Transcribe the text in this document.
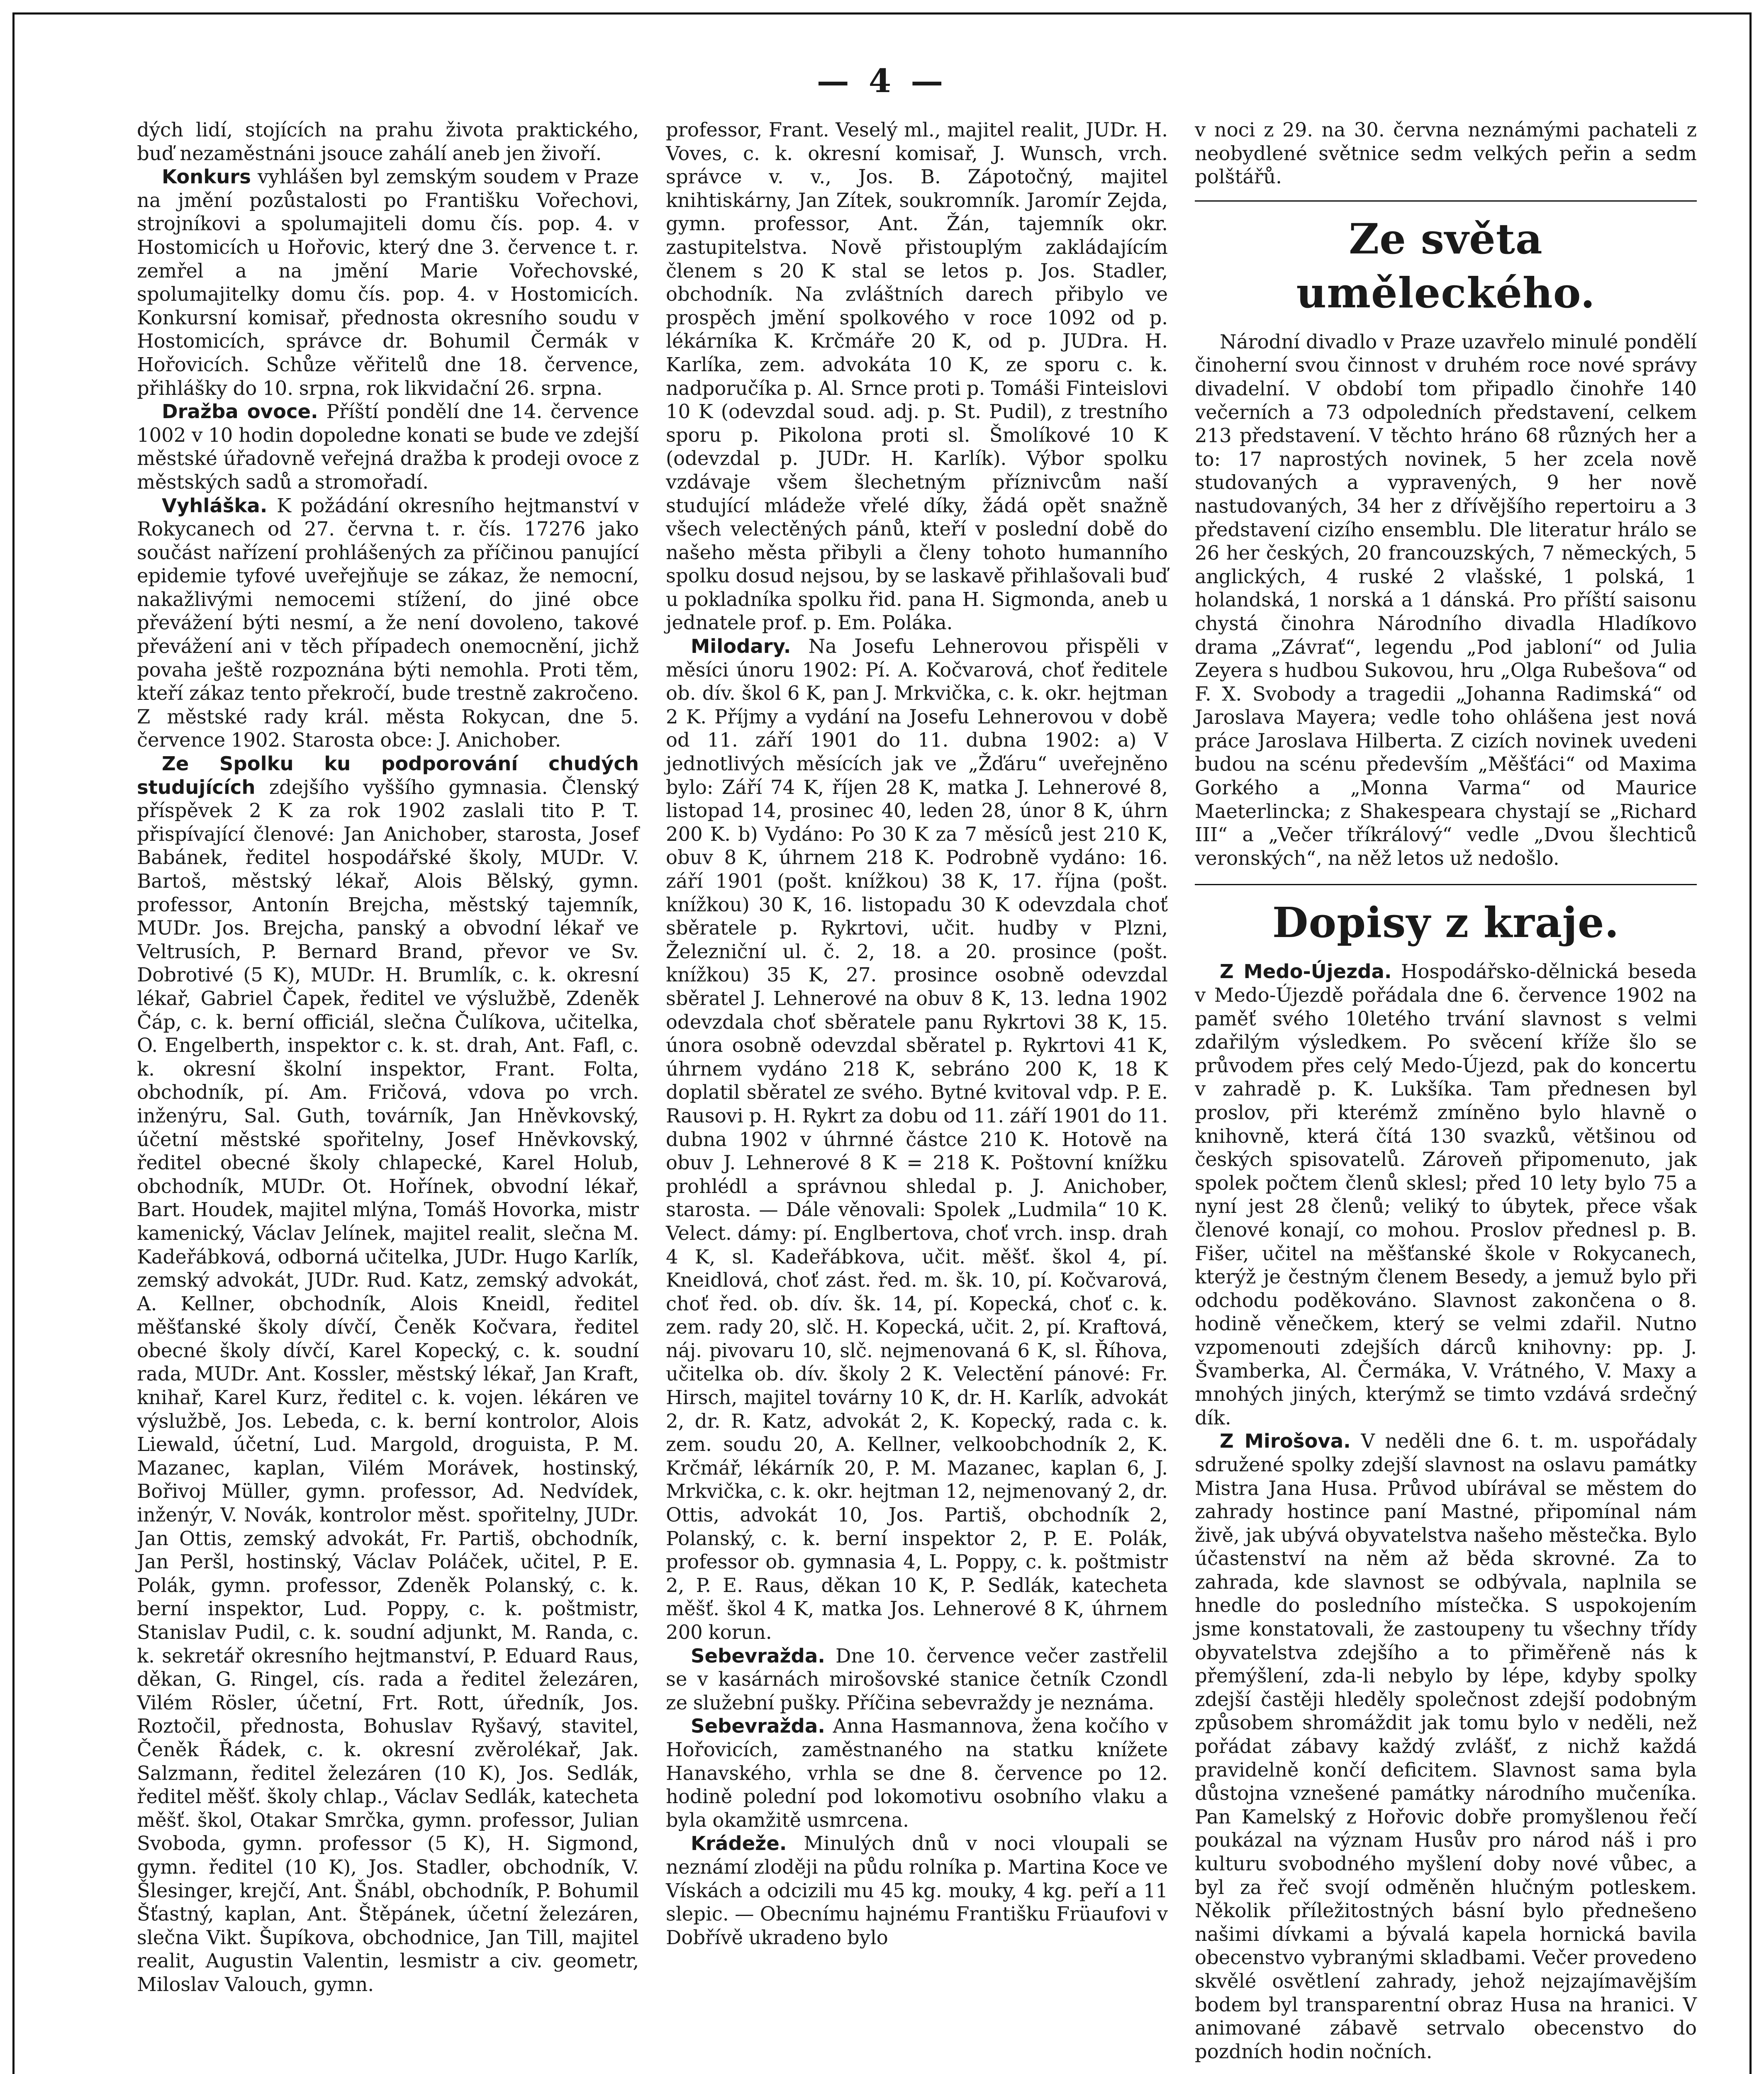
— 4 —

dých lidí, stojících na prahu života praktického, buď nezaměstnáni jsouce zahálí aneb jen živoří.

Konkurs vyhlášen byl zemským soudem v Praze na jmění pozůstalosti po Františku Vořechovi, strojníkovi a spolumajiteli domu čís. pop. 4. v Hostomicích u Hořovic, který dne 3. července t. r. zemřel a na jmění Marie Vořechovské, spolumajitelky domu čís. pop. 4. v Hostomicích. Konkursní komisař, přednosta okresního soudu v Hostomicích, správce dr. Bohumil Čermák v Hořovicích. Schůze věřitelů dne 18. července, přihlášky do 10. srpna, rok likvidační 26. srpna.

Dražba ovoce. Příští pondělí dne 14. července 1002 v 10 hodin dopoledne konati se bude ve zdejší městské úřadovně veřejná dražba k prodeji ovoce z městských sadů a stromořadí.

Vyhláška. K požádání okresního hejtmanství v Rokycanech od 27. června t. r. čís. 17276 jako součást nařízení prohlášených za příčinou panující epidemie tyfové uveřejňuje se zákaz, že nemocní, nakažlivými nemocemi stížení, do jiné obce převážení býti nesmí, a že není dovoleno, takové převážení ani v těch případech onemocnění, jichž povaha ještě rozpoznána býti nemohla. Proti těm, kteří zákaz tento překročí, bude trestně zakročeno. Z městské rady král. města Rokycan, dne 5. července 1902. Starosta obce: J. Anichober.

Ze Spolku ku podporování chudých studujících zdejšího vyššího gymnasia. Členský příspěvek 2 K za rok 1902 zaslali tito P. T. přispívající členové: Jan Anichober, starosta, Josef Babánek, ředitel hospodářské školy, MUDr. V. Bartoš, městský lékař, Alois Bělský, gymn. professor, Antonín Brejcha, městský tajemník, MUDr. Jos. Brejcha, panský a obvodní lékař ve Veltrusích, P. Bernard Brand, převor ve Sv. Dobrotivé (5 K), MUDr. H. Brumlík, c. k. okresní lékař, Gabriel Čapek, ředitel ve výslužbě, Zdeněk Čáp, c. k. berní officiál, slečna Čulíkova, učitelka, O. Engelberth, inspektor c. k. st. drah, Ant. Fafl, c. k. okresní školní inspektor, Frant. Folta, obchodník, pí. Am. Fričová, vdova po vrch. inženýru, Sal. Guth, továrník, Jan Hněvkovský, účetní městské spořitelny, Josef Hněvkovský, ředitel obecné školy chlapecké, Karel Holub, obchodník, MUDr. Ot. Hořínek, obvodní lékař, Bart. Houdek, majitel mlýna, Tomáš Hovorka, mistr kamenický, Václav Jelínek, majitel realit, slečna M. Kadeřábková, odborná učitelka, JUDr. Hugo Karlík, zemský advokát, JUDr. Rud. Katz, zemský advokát, A. Kellner, obchodník, Alois Kneidl, ředitel měšťanské školy dívčí, Čeněk Kočvara, ředitel obecné školy dívčí, Karel Kopecký, c. k. soudní rada, MUDr. Ant. Kossler, městský lékař, Jan Kraft, knihař, Karel Kurz, ředitel c. k. vojen. lékáren ve výslužbě, Jos. Lebeda, c. k. berní kontrolor, Alois Liewald, účetní, Lud. Margold, droguista, P. M. Mazanec, kaplan, Vilém Morávek, hostinský, Bořivoj Müller, gymn. professor, Ad. Nedvídek, inženýr, V. Novák, kontrolor měst. spořitelny, JUDr. Jan Ottis, zemský advokát, Fr. Partiš, obchodník, Jan Peršl, hostinský, Václav Poláček, učitel, P. E. Polák, gymn. professor, Zdeněk Polanský, c. k. berní inspektor, Lud. Poppy, c. k. poštmistr, Stanislav Pudil, c. k. soudní adjunkt, M. Randa, c. k. sekretář okresního hejtmanství, P. Eduard Raus, děkan, G. Ringel, cís. rada a ředitel železáren, Vilém Rösler, účetní, Frt. Rott, úředník, Jos. Roztočil, přednosta, Bohuslav Ryšavý, stavitel, Čeněk Řádek, c. k. okresní zvěrolékař, Jak. Salzmann, ředitel železáren (10 K), Jos. Sedlák, ředitel měšť. školy chlap., Václav Sedlák, katecheta měšť. škol, Otakar Smrčka, gymn. professor, Julian Svoboda, gymn. professor (5 K), H. Sigmond, gymn. ředitel (10 K), Jos. Stadler, obchodník, V. Šlesinger, krejčí, Ant. Šnábl, obchodník, P. Bohumil Šťastný, kaplan, Ant. Štěpánek, účetní železáren, slečna Vikt. Šupíkova, obchodnice, Jan Till, majitel realit, Augustin Valentin, lesmistr a civ. geometr, Miloslav Valouch, gymn.

professor, Frant. Veselý ml., majitel realit, JUDr. H. Voves, c. k. okresní komisař, J. Wunsch, vrch. správce v. v., Jos. B. Zápotočný, majitel knihtiskárny, Jan Zítek, soukromník. Jaromír Zejda, gymn. professor, Ant. Žán, tajemník okr. zastupitelstva. Nově přistouplým zakládajícím členem s 20 K stal se letos p. Jos. Stadler, obchodník. Na zvláštních darech přibylo ve prospěch jmění spolkového v roce 1092 od p. lékárníka K. Krčmáře 20 K, od p. JUDra. H. Karlíka, zem. advokáta 10 K, ze sporu c. k. nadporučíka p. Al. Srnce proti p. Tomáši Finteislovi 10 K (odevzdal soud. adj. p. St. Pudil), z trestního sporu p. Pikolona proti sl. Šmolíkové 10 K (odevzdal p. JUDr. H. Karlík). Výbor spolku vzdávaje všem šlechetným příznivcům naší studující mládeže vřelé díky, žádá opět snažně všech velectěných pánů, kteří v poslední době do našeho města přibyli a členy tohoto humanního spolku dosud nejsou, by se laskavě přihlašovali buď u pokladníka spolku řid. pana H. Sigmonda, aneb u jednatele prof. p. Em. Poláka.

Milodary. Na Josefu Lehnerovou přispěli v měsíci únoru 1902: Pí. A. Kočvarová, choť ředitele ob. dív. škol 6 K, pan J. Mrkvička, c. k. okr. hejtman 2 K. Příjmy a vydání na Josefu Lehnerovou v době od 11. září 1901 do 11. dubna 1902: a) V jednotlivých měsících jak ve „Žďáru“ uveřejněno bylo: Září 74 K, říjen 28 K, matka J. Lehnerové 8, listopad 14, prosinec 40, leden 28, únor 8 K, úhrn 200 K. b) Vydáno: Po 30 K za 7 měsíců jest 210 K, obuv 8 K, úhrnem 218 K. Podrobně vydáno: 16. září 1901 (pošt. knížkou) 38 K, 17. října (pošt. knížkou) 30 K, 16. listopadu 30 K odevzdala choť sběratele p. Rykrtovi, učit. hudby v Plzni, Železniční ul. č. 2, 18. a 20. prosince (pošt. knížkou) 35 K, 27. prosince osobně odevzdal sběratel J. Lehnerové na obuv 8 K, 13. ledna 1902 odevzdala choť sběratele panu Rykrtovi 38 K, 15. února osobně odevzdal sběratel p. Rykrtovi 41 K, úhrnem vydáno 218 K, sebráno 200 K, 18 K doplatil sběratel ze svého. Bytné kvitoval vdp. P. E. Rausovi p. H. Rykrt za dobu od 11. září 1901 do 11. dubna 1902 v úhrnné částce 210 K. Hotově na obuv J. Lehnerové 8 K = 218 K. Poštovní knížku prohlédl a správnou shledal p. J. Anichober, starosta. — Dále věnovali: Spolek „Ludmila“ 10 K. Velect. dámy: pí. Englbertova, choť vrch. insp. drah 4 K, sl. Kadeřábkova, učit. měšť. škol 4, pí. Kneidlová, choť zást. řed. m. šk. 10, pí. Kočvarová, choť řed. ob. dív. šk. 14, pí. Kopecká, choť c. k. zem. rady 20, slč. H. Kopecká, učit. 2, pí. Kraftová, náj. pivovaru 10, slč. nejmenovaná 6 K, sl. Říhova, učitelka ob. dív. školy 2 K. Velectění pánové: Fr. Hirsch, majitel továrny 10 K, dr. H. Karlík, advokát 2, dr. R. Katz, advokát 2, K. Kopecký, rada c. k. zem. soudu 20, A. Kellner, velkoobchodník 2, K. Krčmář, lékárník 20, P. M. Mazanec, kaplan 6, J. Mrkvička, c. k. okr. hejtman 12, nejmenovaný 2, dr. Ottis, advokát 10, Jos. Partiš, obchodník 2, Polanský, c. k. berní inspektor 2, P. E. Polák, professor ob. gymnasia 4, L. Poppy, c. k. poštmistr 2, P. E. Raus, děkan 10 K, P. Sedlák, katecheta měšť. škol 4 K, matka Jos. Lehnerové 8 K, úhrnem 200 korun.

Sebevražda. Dne 10. července večer zastřelil se v kasárnách mirošovské stanice četník Czondl ze služební pušky. Příčina sebevraždy je neznáma.

Sebevražda. Anna Hasmannova, žena kočího v Hořovicích, zaměstnaného na statku knížete Hanavského, vrhla se dne 8. července po 12. hodině polední pod lokomotivu osobního vlaku a byla okamžitě usmrcena.

Krádeže. Minulých dnů v noci vloupali se neznámí zloději na půdu rolníka p. Martina Koce ve Vískách a odcizili mu 45 kg. mouky, 4 kg. peří a 11 slepic. — Obecnímu hajnému Františku Früaufovi v Dobřívě ukradeno bylo

v noci z 29. na 30. června neznámými pachateli z neobydlené světnice sedm velkých peřin a sedm polštářů.

Ze světa uměleckého.

Národní divadlo v Praze uzavřelo minulé pondělí činoherní svou činnost v druhém roce nové správy divadelní. V období tom připadlo činohře 140 večerních a 73 odpoledních představení, celkem 213 představení. V těchto hráno 68 různých her a to: 17 naprostých novinek, 5 her zcela nově studovaných a vypravených, 9 her nově nastudovaných, 34 her z dřívějšího repertoiru a 3 představení cizího ensemblu. Dle literatur hrálo se 26 her českých, 20 francouzských, 7 německých, 5 anglických, 4 ruské 2 vlašské, 1 polská, 1 holandská, 1 norská a 1 dánská. Pro příští saisonu chystá činohra Národního divadla Hladíkovo drama „Závrať“, legendu „Pod jabloní“ od Julia Zeyera s hudbou Sukovou, hru „Olga Rubešova“ od F. X. Svobody a tragedii „Johanna Radimská“ od Jaroslava Mayera; vedle toho ohlášena jest nová práce Jaroslava Hilberta. Z cizích novinek uvedeni budou na scénu především „Měšťáci“ od Maxima Gorkého a „Monna Varma“ od Maurice Maeterlincka; z Shakespeara chystají se „Richard III“ a „Večer tříkrálový“ vedle „Dvou šlechticů veronských“, na něž letos už nedošlo.

Dopisy z kraje.

Z Medo-Újezda. Hospodářsko-dělnická beseda v Medo-Újezdě pořádala dne 6. července 1902 na paměť svého 10letého trvání slavnost s velmi zdařilým výsledkem. Po svěcení kříže šlo se průvodem přes celý Medo-Újezd, pak do koncertu v zahradě p. K. Lukšíka. Tam přednesen byl proslov, při kterémž zmíněno bylo hlavně o knihovně, která čítá 130 svazků, většinou od českých spisovatelů. Zároveň připomenuto, jak spolek počtem členů sklesl; před 10 lety bylo 75 a nyní jest 28 členů; veliký to úbytek, přece však členové konají, co mohou. Proslov přednesl p. B. Fišer, učitel na měšťanské škole v Rokycanech, kterýž je čestným členem Besedy, a jemuž bylo při odchodu poděkováno. Slavnost zakončena o 8. hodině věnečkem, který se velmi zdařil. Nutno vzpomenouti zdejších dárců knihovny: pp. J. Švamberka, Al. Čermáka, V. Vrátného, V. Maxy a mnohých jiných, kterýmž se timto vzdává srdečný dík.

Z Mirošova. V neděli dne 6. t. m. uspořádaly sdružené spolky zdejší slavnost na oslavu památky Mistra Jana Husa. Průvod ubírával se městem do zahrady hostince paní Mastné, připomínal nám živě, jak ubývá obyvatelstva našeho městečka. Bylo účastenství na něm až běda skrovné. Za to zahrada, kde slavnost se odbývala, naplnila se hnedle do posledního místečka. S uspokojením jsme konstatovali, že zastoupeny tu všechny třídy obyvatelstva zdejšího a to přiměřeně nás k přemýšlení, zda-li nebylo by lépe, kdyby spolky zdejší častěji hleděly společnost zdejší podobným způsobem shromáždit jak tomu bylo v neděli, než pořádat zábavy každý zvlášť, z nichž každá pravidelně končí deficitem. Slavnost sama byla důstojna vznešené památky národního mučeníka. Pan Kamelský z Hořovic dobře promyšlenou řečí poukázal na význam Husův pro národ náš i pro kulturu svobodného myšlení doby nové vůbec, a byl za řeč svojí odměněn hlučným potleskem. Několik příležitostných básní bylo přednešeno našimi dívkami a bývalá kapela hornická bavila obecenstvo vybranými skladbami. Večer provedeno skvělé osvětlení zahrady, jehož nejzajímavějším bodem byl transparentní obraz Husa na hranici. V animované zábavě setrvalo obecenstvo do pozdních hodin nočních.
